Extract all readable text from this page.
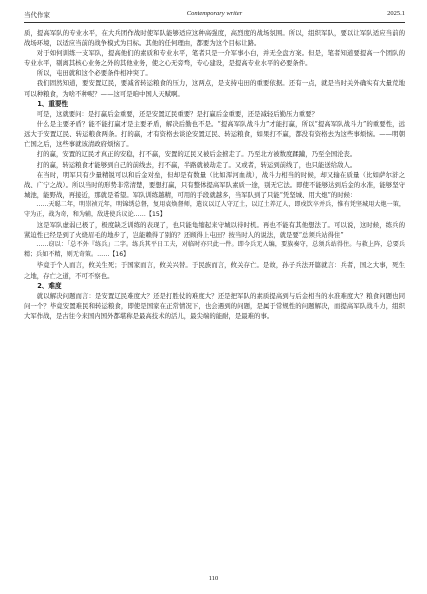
当代作家	Contemporary writer	2025.1

质，提高军队的专业水平，在大兵团作战时使军队能够适应这种高强度，高烈度的战场氛围。所以，组织军队，要以让军队适应当前的战场环境，以适应当前的战争模式为目标。其他的任何理由，都要为这个目标让路。

对于如何训练一支军队，提高他们的素质和专业水平，笔者只是一介军事小白，并无全盘方案。但是，笔者知道要提高一个团队的专业水平，剔离其核心业务之外的其他业务，使之心无旁骛，专心建设，是提高专业水平的必要条件。

所以，屯田就和这个必要条件相冲突了。

我们固然知道，要安置辽民，要减省转运粮食的压力，这两点，是支持屯田的重要依据。还有一点，就是当时关外确实有大量荒地可以种粮食，为啥不种呢？——这可是咱中国人天赋啊。

1、重要性

可是，这就要问：是打赢后金重要，还是安置辽民重要？是打赢后金重要，还是减轻后勤压力重要？

什么是主要矛盾？能不能打赢才是主要矛盾，解决后勤也不是。“提高军队战斗力”才能打赢，所以“提高军队战斗力”的重要性，远远大于安置辽民、转运粮食两条。打的赢，才有资格去谈论安置辽民、转运粮食，如果打不赢，都没有资格去为这些事烦恼。——明朝亡国之后，这些事就该清政府烦恼了。

打的赢，安置的辽民才真正的安稳，打不赢，安置的辽民又被后金掳走了。乃至北方被数度蹂躏，乃至全国沦丧。

打的赢，转运粮食才能够到自己的前线去，打不赢，半路就被劫走了。又或者，转运到前线了，也只能送给敌人。

在当时，明军只有少量精锐可以和后金对垒，但却是有数量（比如浑河血战），战斗力相当的时候，却又输在质量（比如萨尔浒之战、广宁之战）。所以当时的形势非常清楚，要想打赢，只有整体提高军队素质一途，别无它法。即使不能够达到后金的水准，能够坚守城池，能野战，再接近，那就是希望。军队训练越精，可用的手段就越多，当军队到了只能“凭坚城、用大炮”的时候：

……天聪二年，明崇祯元年，明锦绣总督，复用袁焕督师，遣议以辽人守辽土，以辽土养辽人，即戍饮卒并兵，惟有凭坚城用大炮一策，守为正，战为奇，和为辅，敌进使兵议论……【15】

这是军队虚弱已极了，极度缺乏训练的表现了，也只能龟缩起来守城以待时机。再也不能有其他想法了。可以说，这时候，练兵的紧迫性已经是到了火烧眉毛的地步了，岂能赖得了别的？还顾得上屯田？按当时人的说法，就是要“总须兵站得住”

……窃以：「总不外『练兵』二字。练兵其平日工夫，对临时亦只此一件。即今兵无人编，要族奏守，总须兵站得住。与救上阵，总要兵精；兵如不精，则无奇策。……【16】

毕竟于个人而言，攸关生死；于国家而言，攸关兴替。于民族而言，攸关存亡。是故，孙子兵法开篇就言：兵者，国之大事，死生之地，存亡之道，不可不察也。

2、难度

就以解决问题而言：是安置辽民难度大？还是打胜仗的难度大？还是把军队的素质提高到与后金相当的水准难度大？粮食问题也同问一个？毕竟安置难民和转运粮食，即使是国家在正常情况下，也会遇到的问题，是属于常规性的问题解决，而提高军队战斗力，组织大军作战，是古往今来国内国外都堪称是最高技术的活儿，最尖端的能耐，是最难的事。

110
